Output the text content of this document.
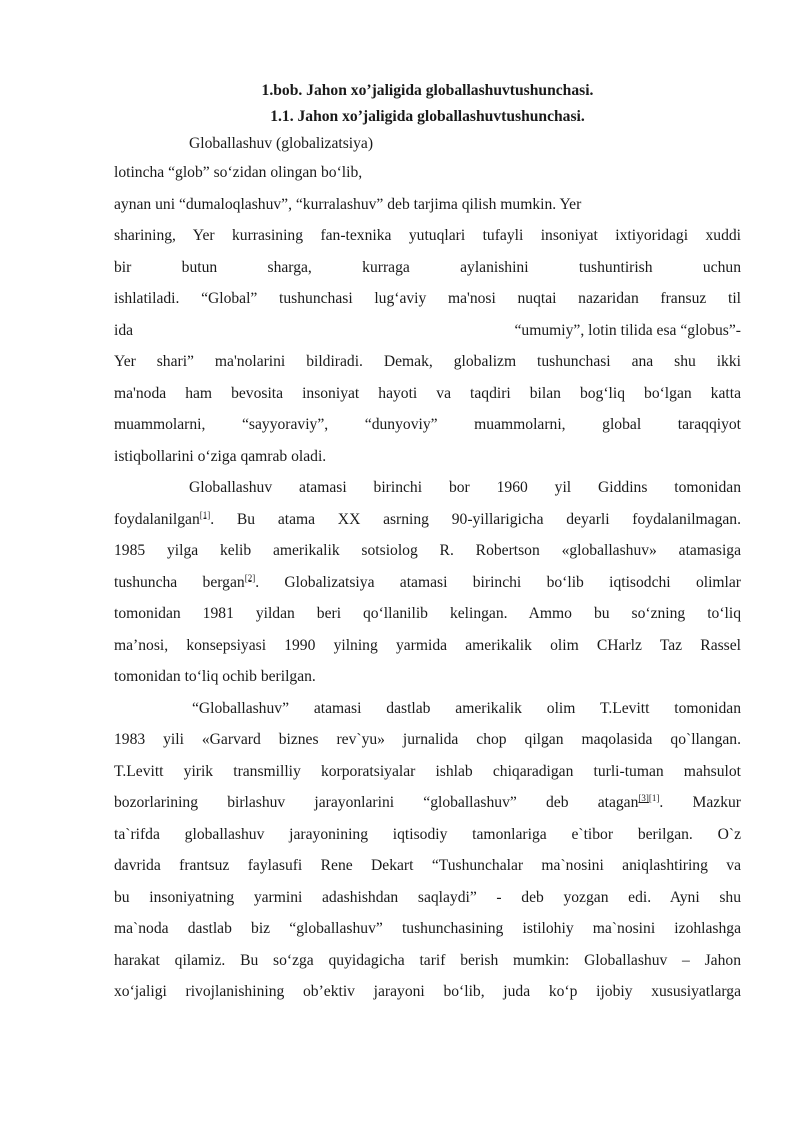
1.bob. Jahon xo’jaligida globallashuvtushunchasi.
1.1. Jahon xo’jaligida globallashuvtushunchasi.
Globallashuv (globalizatsiya)
lotincha “glob” so‘zidan olingan bo‘lib,
aynan uni “dumaloqlashuv”, “kurralashuv” deb tarjima qilish mumkin. Yer
sharining, Yer kurrasining fan-texnika yutuqlari tufayli insoniyat ixtiyoridagi xuddi
bir butun sharga, kurraga aylanishini tushuntirish uchun
ishlatiladi. “Global” tushunchasi lug‘aviy ma'nosi nuqtai nazaridan fransuz til
ida	“umumiy”, lotin tilida esa “globus”-
Yer shari” ma'nolarini bildiradi. Demak, globalizm tushunchasi ana shu ikki
ma'noda ham bevosita insoniyat hayoti va taqdiri bilan bog‘liq bo‘lgan katta
muammolarni, “sayyoraviy”, “dunyoviy” muammolarni, global taraqqiyot
istiqbollarini o‘ziga qamrab oladi.
Globallashuv atamasi birinchi bor 1960 yil Giddins tomonidan
foydalanilgan[1]. Bu atama XX asrning 90-yillarigicha deyarli foydalanilmagan.
1985 yilga kelib amerikalik sotsiolog R. Robertson «globallashuv» atamasiga
tushuncha bergan[2]. Globalizatsiya atamasi birinchi bo‘lib iqtisodchi olimlar
tomonidan 1981 yildan beri qo‘llanilib kelingan. Ammo bu so‘zning to‘liq
ma’nosi, konsepsiyasi 1990 yilning yarmida amerikalik olim CHarlz Taz Rassel
tomonidan to‘liq ochib berilgan.
“Globallashuv” atamasi dastlab amerikalik olim T.Levitt tomonidan
1983 yili «Garvard biznes rev`yu» jurnalida chop qilgan maqolasida qo`llangan.
T.Levitt yirik transmilliy korporatsiyalar ishlab chiqaradigan turli-tuman mahsulot
bozorlarining birlashuv jarayonlarini “globallashuv” deb atagan[3][1]. Mazkur
ta`rifda globallashuv jarayonining iqtisodiy tamonlariga e`tibor berilgan. O`z
davrida frantsuz faylasufi Rene Dekart “Tushunchalar ma`nosini aniqlashtiring va
bu insoniyatning yarmini adashishdan saqlaydi” - deb yozgan edi. Ayni shu
ma`noda dastlab biz “globallashuv” tushunchasining istilohiy ma`nosini izohlashga
harakat qilamiz. Bu so‘zga quyidagicha tarif berish mumkin: Globallashuv – Jahon
xo‘jaligi rivojlanishining ob’ektiv jarayoni bo‘lib, juda ko‘p ijobiy xususiyatlarga
